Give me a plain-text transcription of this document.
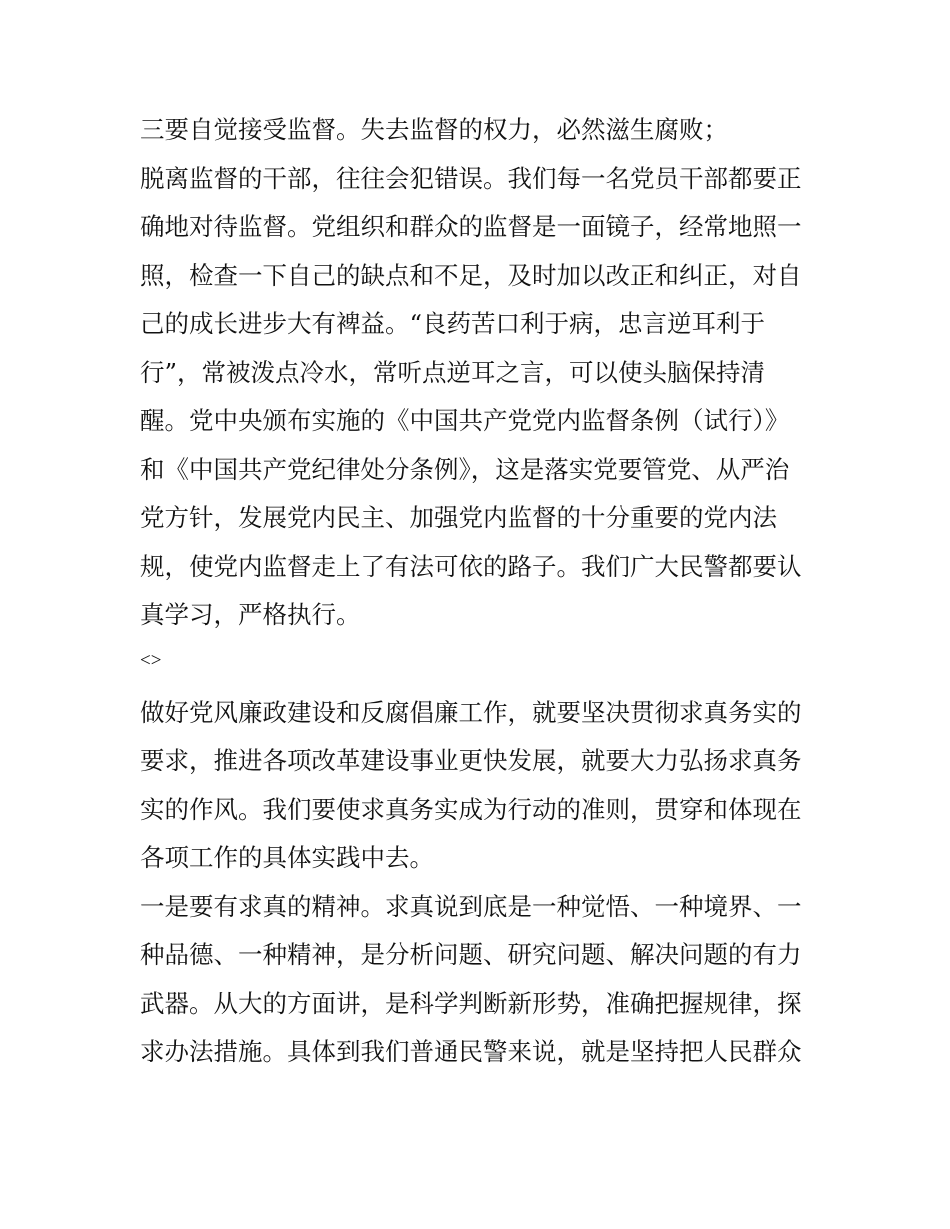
三要自觉接受监督。失去监督的权力，必然滋生腐败；
脱离监督的干部，往往会犯错误。我们每一名党员干部都要正
确地对待监督。党组织和群众的监督是一面镜子，经常地照一
照，检查一下自己的缺点和不足，及时加以改正和纠正，对自
己的成长进步大有裨益。“良药苦口利于病，忠言逆耳利于
行”，常被泼点冷水，常听点逆耳之言，可以使头脑保持清
醒。党中央颁布实施的《中国共产党党内监督条例（试行）》
和《中国共产党纪律处分条例》，这是落实党要管党、从严治
党方针，发展党内民主、加强党内监督的十分重要的党内法
规，使党内监督走上了有法可依的路子。我们广大民警都要认
真学习，严格执行。
<>
做好党风廉政建设和反腐倡廉工作，就要坚决贯彻求真务实的
要求，推进各项改革建设事业更快发展，就要大力弘扬求真务
实的作风。我们要使求真务实成为行动的准则，贯穿和体现在
各项工作的具体实践中去。
一是要有求真的精神。求真说到底是一种觉悟、一种境界、一
种品德、一种精神，是分析问题、研究问题、解决问题的有力
武器。从大的方面讲，是科学判断新形势，准确把握规律，探
求办法措施。具体到我们普通民警来说，就是坚持把人民群众
